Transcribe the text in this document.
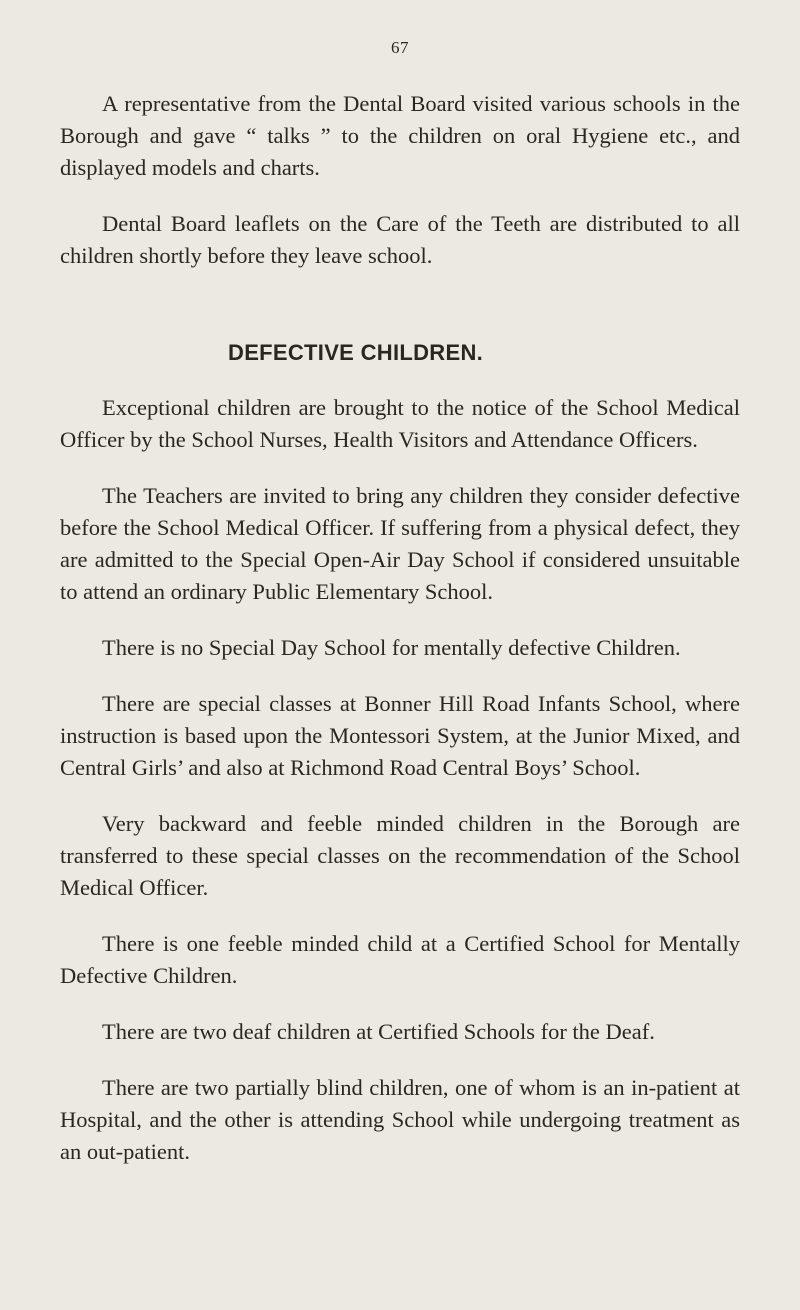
67

A representative from the Dental Board visited various schools in the Borough and gave “ talks ” to the children on oral Hygiene etc., and displayed models and charts.

Dental Board leaflets on the Care of the Teeth are distributed to all children shortly before they leave school.

DEFECTIVE CHILDREN.

Exceptional children are brought to the notice of the School Medical Officer by the School Nurses, Health Visitors and Attendance Officers.

The Teachers are invited to bring any children they consider defective before the School Medical Officer. If suffering from a physical defect, they are admitted to the Special Open-Air Day School if considered unsuitable to attend an ordinary Public Elementary School.

There is no Special Day School for mentally defective Children.

There are special classes at Bonner Hill Road Infants School, where instruction is based upon the Montessori System, at the Junior Mixed, and Central Girls’ and also at Richmond Road Central Boys’ School.

Very backward and feeble minded children in the Borough are transferred to these special classes on the recommendation of the School Medical Officer.

There is one feeble minded child at a Certified School for Mentally Defective Children.

There are two deaf children at Certified Schools for the Deaf.

There are two partially blind children, one of whom is an in-patient at Hospital, and the other is attending School while undergoing treatment as an out-patient.
